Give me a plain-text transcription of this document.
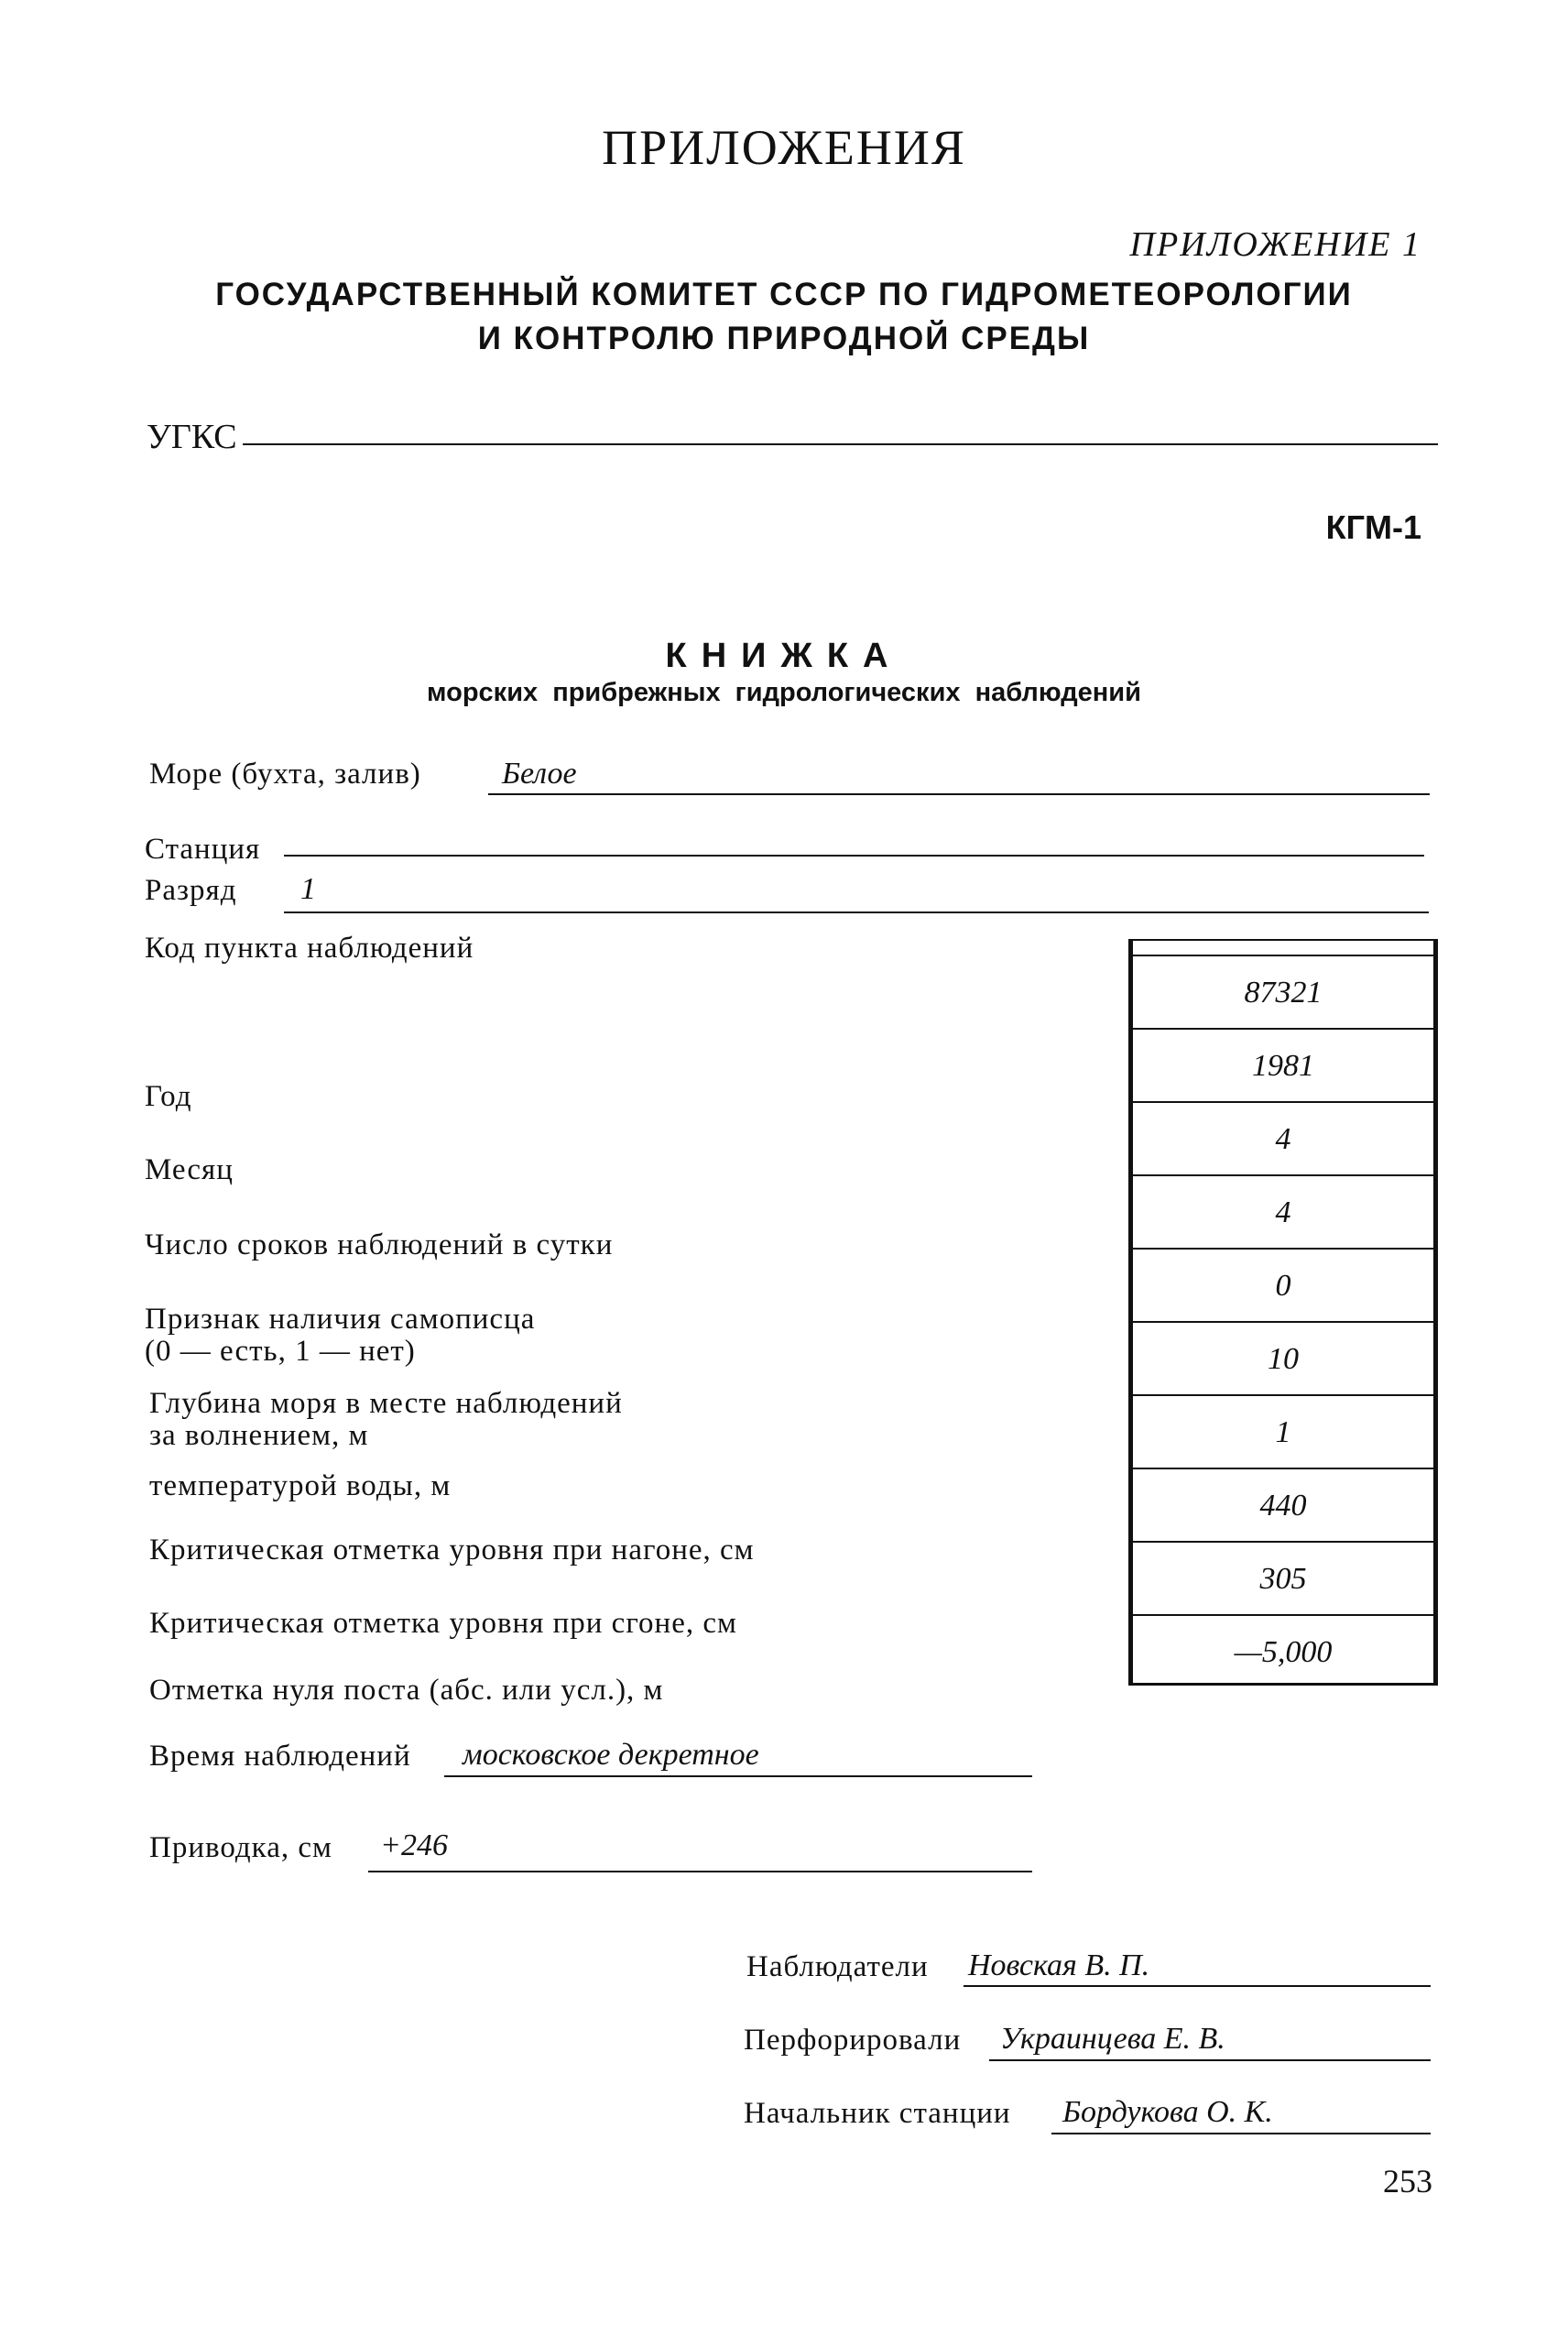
ПРИЛОЖЕНИЯ
ПРИЛОЖЕНИЕ 1
ГОСУДАРСТВЕННЫЙ КОМИТЕТ СССР ПО ГИДРОМЕТЕОРОЛОГИИ
И КОНТРОЛЮ ПРИРОДНОЙ СРЕДЫ
УГКС
КГМ-1
КНИЖКА
морских прибрежных гидрологических наблюдений
Море (бухта, залив)	Белое
Станция
Разряд 1
Код пункта наблюдений
Год
Месяц
Число сроков наблюдений в сутки
Признак наличия самописца
(0 — есть, 1 — нет)
Глубина моря в месте наблюдений
за волнением, м
температурой воды, м
Критическая отметка уровня при нагоне, см
Критическая отметка уровня при сгоне, см
Отметка нуля поста (абс. или усл.), м
87321
1981
4
4
0
10
1
440
305
—5,000
Время наблюдений московское декретное
Приводка, см +246
Наблюдатели Новская В. П.
Перфорировали Украинцева Е. В.
Начальник станции Бордукова О. К.
253
